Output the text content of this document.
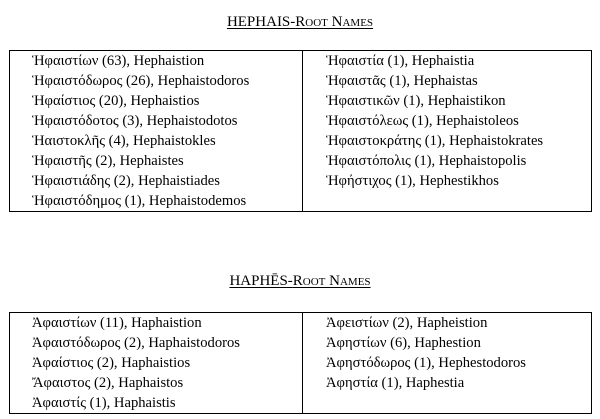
HEPHAIS-Root Names
Ἡφαιστίων (63), Hephaistion	Ἡφαιστία (1), Hephaistia
Ἡφαιστόδωρος (26), Hephaistodoros	Ἡφαιστᾶς (1), Hephaistas
Ἡφαίστιος (20), Hephaistios	Ἡφαιστικῶν (1), Hephaistikon
Ἡφαιστόδοτος (3), Hephaistodotos	Ἡφαιστόλεως (1), Hephaistoleos
Ἡαιστοκλῆς (4), Hephaistokles	Ἡφαιστοκράτης (1), Hephaistokrates
Ἡφαιστῆς (2), Hephaistes	Ἡφαιστόπολις (1), Hephaistopolis
Ἡφαιστιάδης (2), Hephaistiades	Ἡφήστιχος (1), Hephestikhos
Ἡφαιστόδημος (1), Hephaistodemos	
HAPHĒS-Root Names
Ἀφαιστίων (11), Haphaistion	Ἀφειστίων (2), Hapheistion
Ἀφαιστόδωρος (2), Haphaistodoros	Ἀφηστίων (6), Haphestion
Ἀφαίστιος (2), Haphaistios	Ἀφηστόδωρος (1), Hephestodoros
Ἄφαιστος (2), Haphaistos	Ἀφηστία (1), Haphestia
Ἀφαιστίς (1), Haphaistis	
